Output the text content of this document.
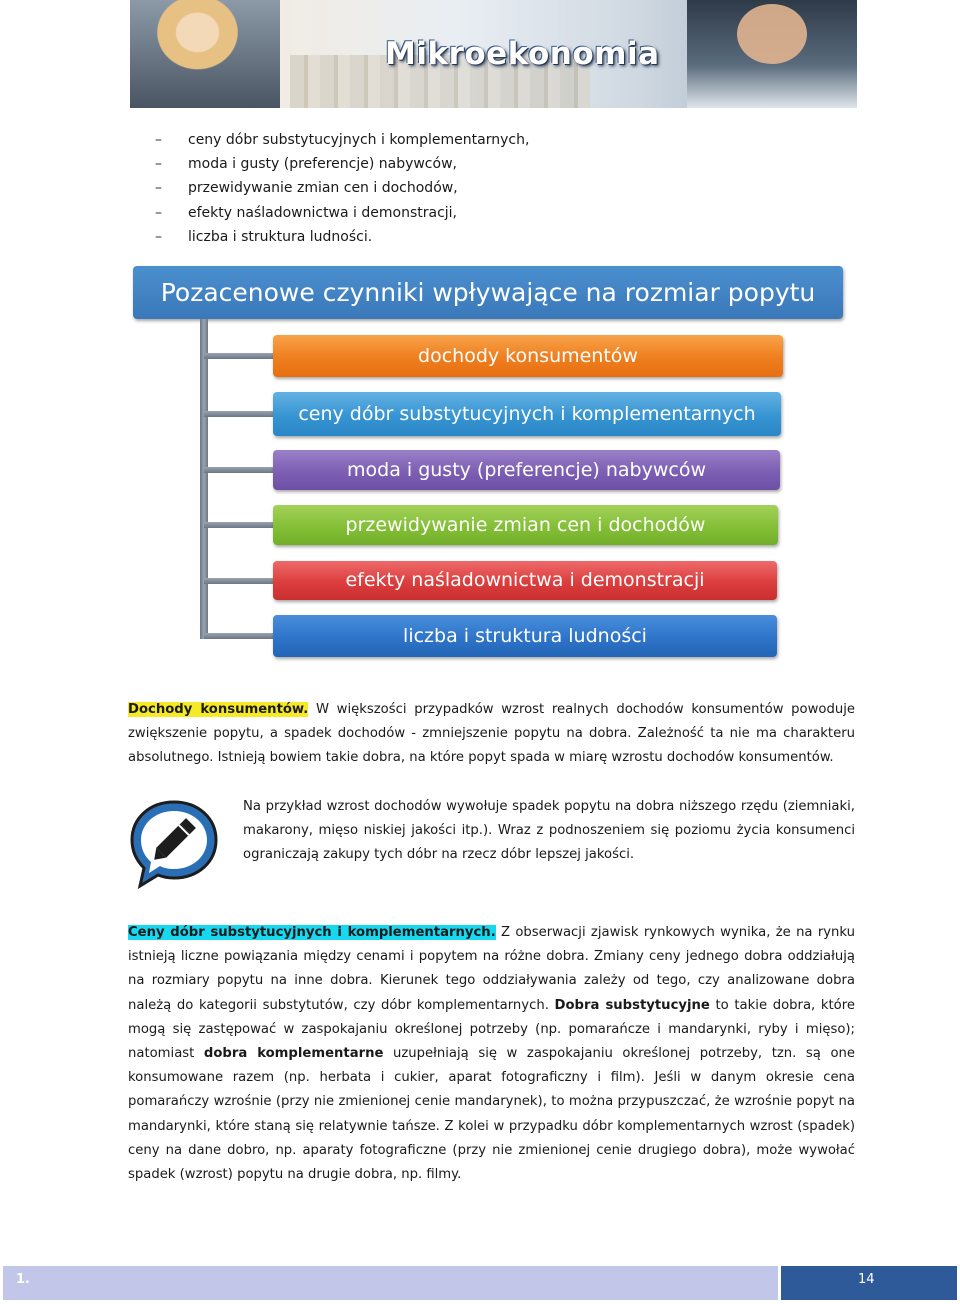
Mikroekonomia
– ceny dóbr substytucyjnych i komplementarnych,
– moda i gusty (preferencje) nabywców,
– przewidywanie zmian cen i dochodów,
– efekty naśladownictwa i demonstracji,
– liczba i struktura ludności.
Pozacenowe czynniki wpływające na rozmiar popytu
dochody konsumentów
ceny dóbr substytucyjnych i komplementarnych
moda i gusty (preferencje) nabywców
przewidywanie zmian cen i dochodów
efekty naśladownictwa i demonstracji
liczba i struktura ludności

Dochody konsumentów. W większości przypadków wzrost realnych dochodów konsumentów powoduje zwiększenie popytu, a spadek dochodów - zmniejszenie popytu na dobra. Zależność ta nie ma charakteru absolutnego. Istnieją bowiem takie dobra, na które popyt spada w miarę wzrostu dochodów konsumentów.

Na przykład wzrost dochodów wywołuje spadek popytu na dobra niższego rzędu (ziemniaki, makarony, mięso niskiej jakości itp.). Wraz z podnoszeniem się poziomu życia konsumenci ograniczają zakupy tych dóbr na rzecz dóbr lepszej jakości.

Ceny dóbr substytucyjnych i komplementarnych. Z obserwacji zjawisk rynkowych wynika, że na rynku istnieją liczne powiązania między cenami i popytem na różne dobra. Zmiany ceny jednego dobra oddziałują na rozmiary popytu na inne dobra. Kierunek tego oddziaływania zależy od tego, czy analizowane dobra należą do kategorii substytutów, czy dóbr komplementarnych. Dobra substytucyjne to takie dobra, które mogą się zastępować w zaspokajaniu określonej potrzeby (np. pomarańcze i mandarynki, ryby i mięso); natomiast dobra komplementarne uzupełniają się w zaspokajaniu określonej potrzeby, tzn. są one konsumowane razem (np. herbata i cukier, aparat fotograficzny i film). Jeśli w danym okresie cena pomarańczy wzrośnie (przy nie zmienionej cenie mandarynek), to można przypuszczać, że wzrośnie popyt na mandarynki, które staną się relatywnie tańsze. Z kolei w przypadku dóbr komplementarnych wzrost (spadek) ceny na dane dobro, np. aparaty fotograficzne (przy nie zmienionej cenie drugiego dobra), może wywołać spadek (wzrost) popytu na drugie dobra, np. filmy.

1.	14
